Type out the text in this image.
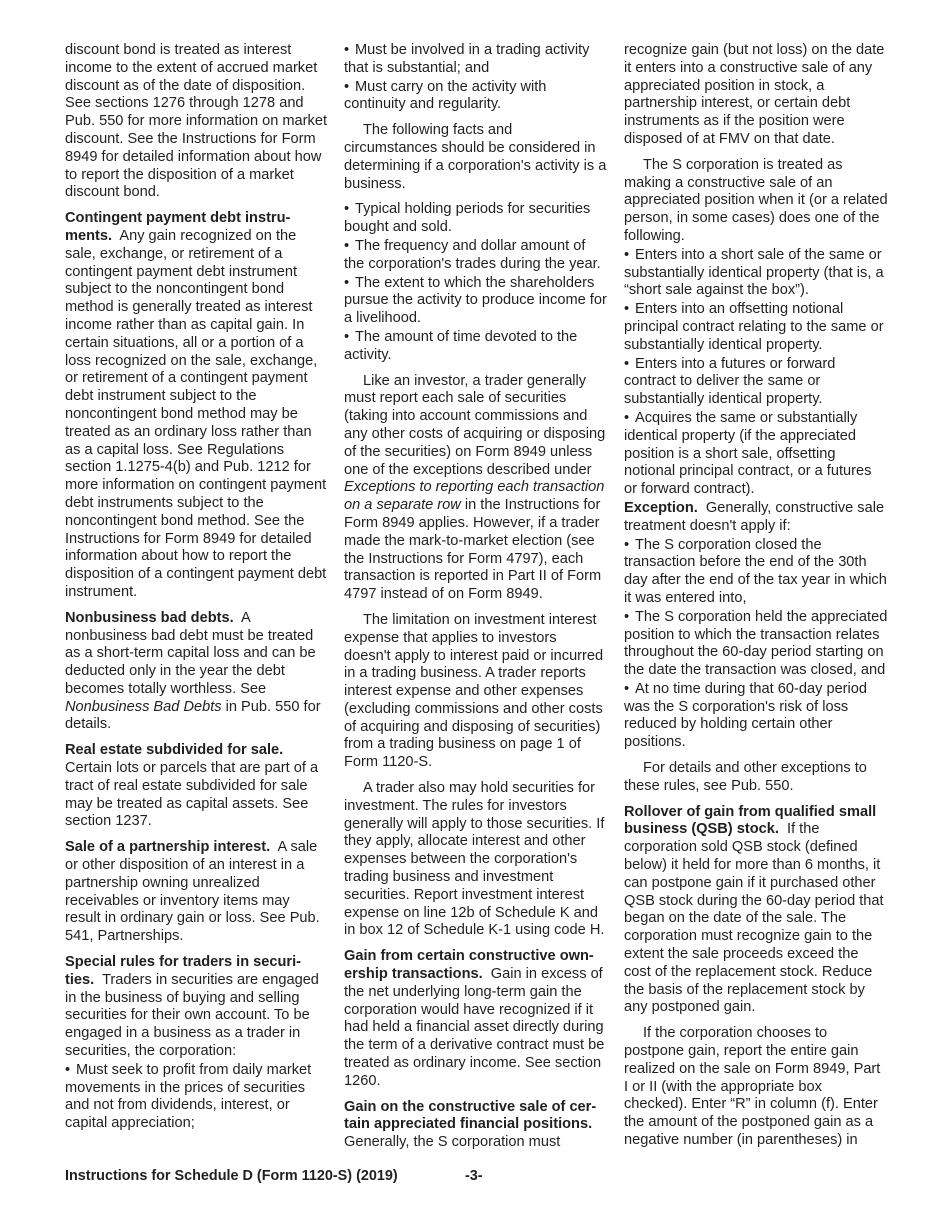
discount bond is treated as interest income to the extent of accrued market discount as of the date of disposition. See sections 1276 through 1278 and Pub. 550 for more information on market discount. See the Instructions for Form 8949 for detailed information about how to report the disposition of a market discount bond.

Contingent payment debt instruments. Any gain recognized on the sale, exchange, or retirement of a contingent payment debt instrument subject to the noncontingent bond method is generally treated as interest income rather than as capital gain. In certain situations, all or a portion of a loss recognized on the sale, exchange, or retirement of a contingent payment debt instrument subject to the noncontingent bond method may be treated as an ordinary loss rather than as a capital loss. See Regulations section 1.1275-4(b) and Pub. 1212 for more information on contingent payment debt instruments subject to the noncontingent bond method. See the Instructions for Form 8949 for detailed information about how to report the disposition of a contingent payment debt instrument.

Nonbusiness bad debts. A nonbusiness bad debt must be treated as a short-term capital loss and can be deducted only in the year the debt becomes totally worthless. See Nonbusiness Bad Debts in Pub. 550 for details.

Real estate subdivided for sale.
Certain lots or parcels that are part of a tract of real estate subdivided for sale may be treated as capital assets. See section 1237.

Sale of a partnership interest. A sale or other disposition of an interest in a partnership owning unrealized receivables or inventory items may result in ordinary gain or loss. See Pub. 541, Partnerships.

Special rules for traders in securities. Traders in securities are engaged in the business of buying and selling securities for their own account. To be engaged in a business as a trader in securities, the corporation:

• Must seek to profit from daily market movements in the prices of securities and not from dividends, interest, or capital appreciation;

• Must be involved in a trading activity that is substantial; and

• Must carry on the activity with continuity and regularity.

The following facts and circumstances should be considered in determining if a corporation's activity is a business.

• Typical holding periods for securities bought and sold.

• The frequency and dollar amount of the corporation's trades during the year.

• The extent to which the shareholders pursue the activity to produce income for a livelihood.

• The amount of time devoted to the activity.

Like an investor, a trader generally must report each sale of securities (taking into account commissions and any other costs of acquiring or disposing of the securities) on Form 8949 unless one of the exceptions described under Exceptions to reporting each transaction on a separate row in the Instructions for Form 8949 applies. However, if a trader made the mark-to-market election (see the Instructions for Form 4797), each transaction is reported in Part II of Form 4797 instead of on Form 8949.

The limitation on investment interest expense that applies to investors doesn't apply to interest paid or incurred in a trading business. A trader reports interest expense and other expenses (excluding commissions and other costs of acquiring and disposing of securities) from a trading business on page 1 of Form 1120-S.

A trader also may hold securities for investment. The rules for investors generally will apply to those securities. If they apply, allocate interest and other expenses between the corporation's trading business and investment securities. Report investment interest expense on line 12b of Schedule K and in box 12 of Schedule K-1 using code H.

Gain from certain constructive ownership transactions. Gain in excess of the net underlying long-term gain the corporation would have recognized if it had held a financial asset directly during the term of a derivative contract must be treated as ordinary income. See section 1260.

Gain on the constructive sale of certain appreciated financial positions.
Generally, the S corporation must

recognize gain (but not loss) on the date it enters into a constructive sale of any appreciated position in stock, a partnership interest, or certain debt instruments as if the position were disposed of at FMV on that date.

The S corporation is treated as making a constructive sale of an appreciated position when it (or a related person, in some cases) does one of the following.

• Enters into a short sale of the same or substantially identical property (that is, a “short sale against the box”).

• Enters into an offsetting notional principal contract relating to the same or substantially identical property.

• Enters into a futures or forward contract to deliver the same or substantially identical property.

• Acquires the same or substantially identical property (if the appreciated position is a short sale, offsetting notional principal contract, or a futures or forward contract).

Exception. Generally, constructive sale treatment doesn't apply if:

• The S corporation closed the transaction before the end of the 30th day after the end of the tax year in which it was entered into,

• The S corporation held the appreciated position to which the transaction relates throughout the 60-day period starting on the date the transaction was closed, and

• At no time during that 60-day period was the S corporation's risk of loss reduced by holding certain other positions.

For details and other exceptions to these rules, see Pub. 550.

Rollover of gain from qualified small business (QSB) stock. If the corporation sold QSB stock (defined below) it held for more than 6 months, it can postpone gain if it purchased other QSB stock during the 60-day period that began on the date of the sale. The corporation must recognize gain to the extent the sale proceeds exceed the cost of the replacement stock. Reduce the basis of the replacement stock by any postponed gain.

If the corporation chooses to postpone gain, report the entire gain realized on the sale on Form 8949, Part I or II (with the appropriate box checked). Enter “R” in column (f). Enter the amount of the postponed gain as a negative number (in parentheses) in

Instructions for Schedule D (Form 1120-S) (2019)	-3-
